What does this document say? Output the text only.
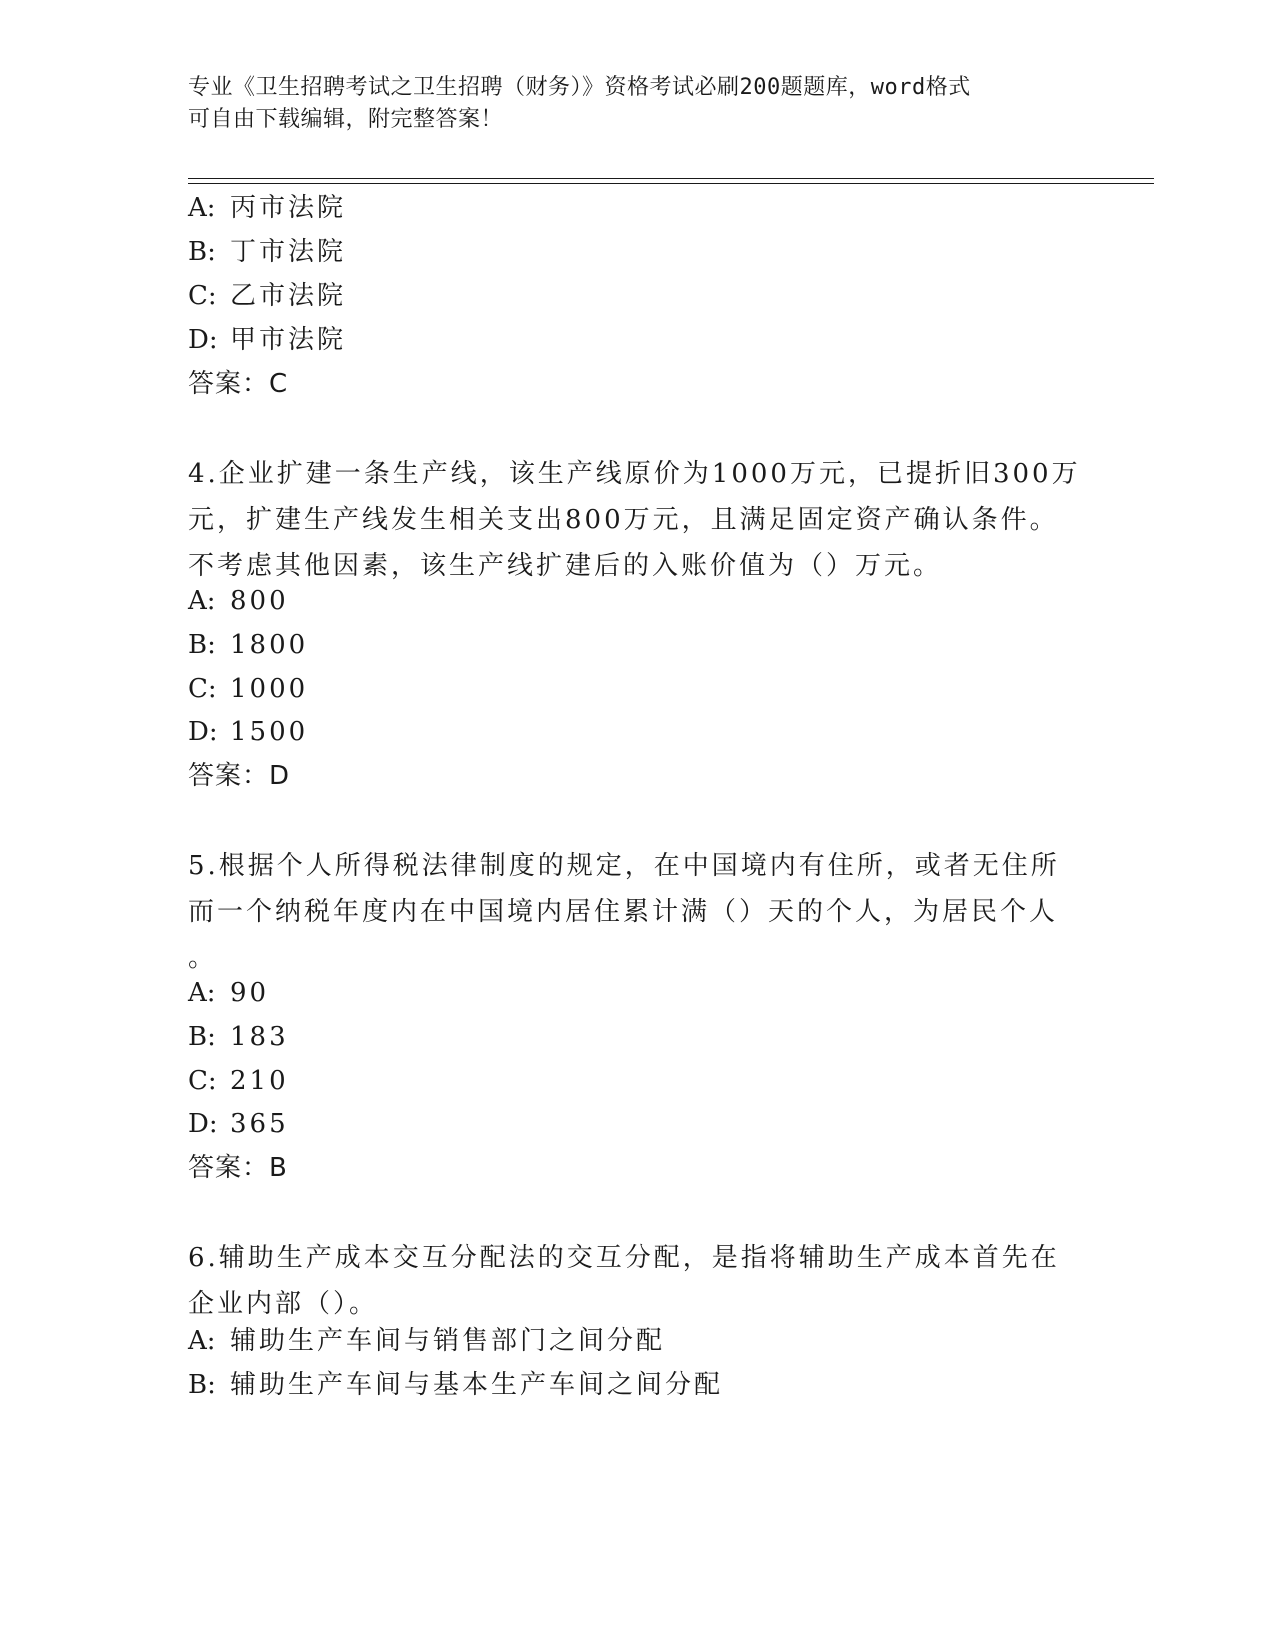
专业《卫生招聘考试之卫生招聘（财务）》资格考试必刷200题题库，word格式
可自由下载编辑，附完整答案！
A: 丙市法院
B: 丁市法院
C: 乙市法院
D: 甲市法院
答案：C
4.企业扩建一条生产线，该生产线原价为1000万元，已提折旧300万
元，扩建生产线发生相关支出800万元，且满足固定资产确认条件。
不考虑其他因素，该生产线扩建后的入账价值为（）万元。
A: 800
B: 1800
C: 1000
D: 1500
答案：D
5.根据个人所得税法律制度的规定，在中国境内有住所，或者无住所
而一个纳税年度内在中国境内居住累计满（）天的个人，为居民个人
。
A: 90
B: 183
C: 210
D: 365
答案：B
6.辅助生产成本交互分配法的交互分配，是指将辅助生产成本首先在
企业内部（）。
A: 辅助生产车间与销售部门之间分配
B: 辅助生产车间与基本生产车间之间分配
